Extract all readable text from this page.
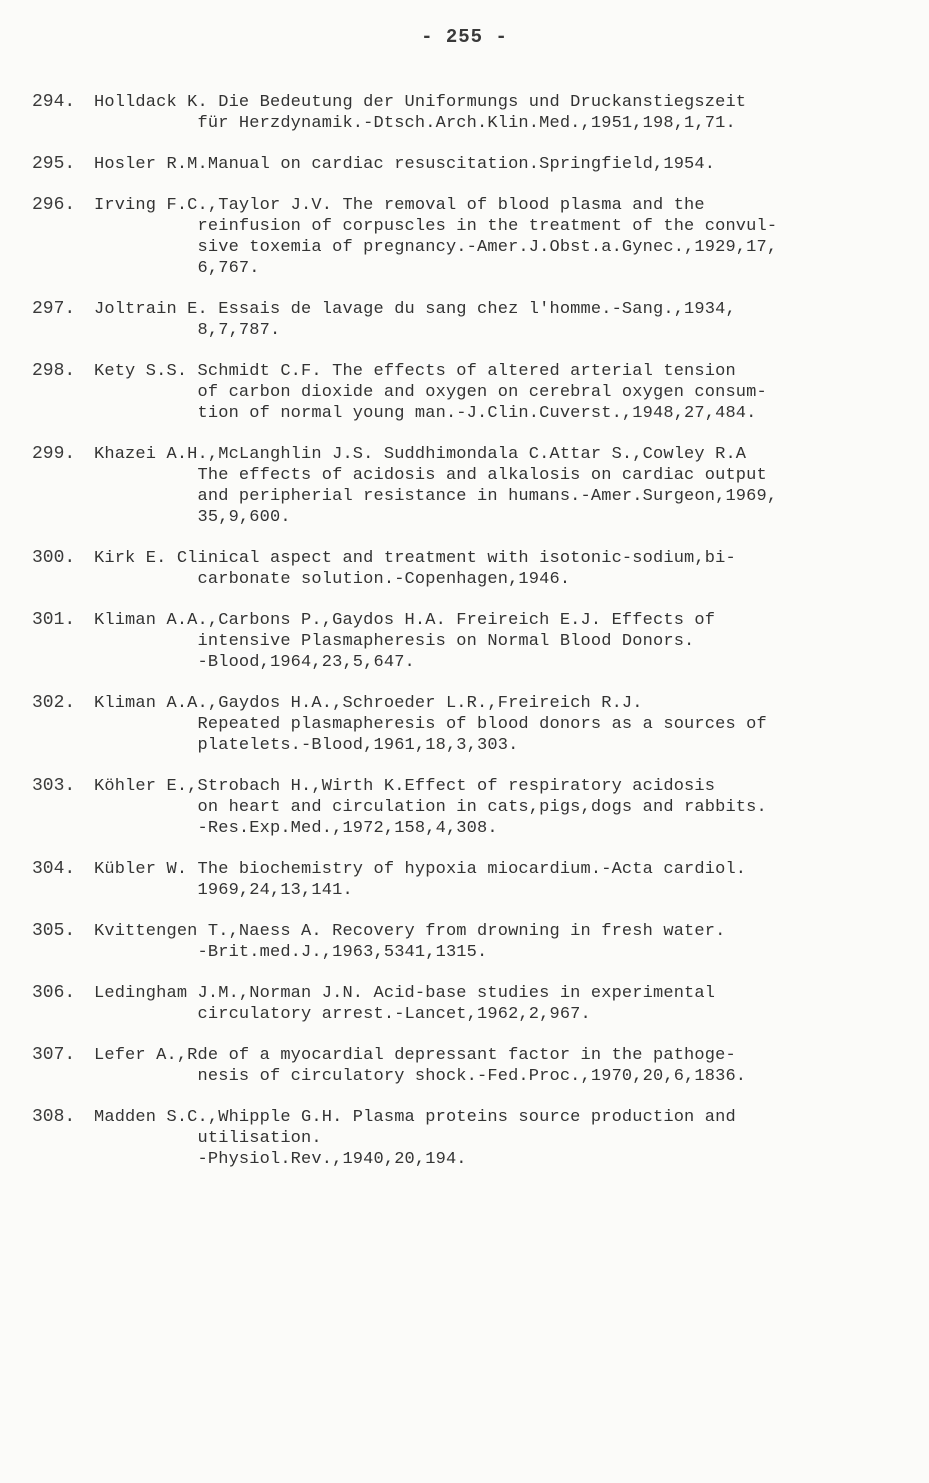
- 255 -
294.	Holldack K. Die Bedeutung der Uniformungs und Druckanstiegszeit
für Herzdynamik.-Dtsch.Arch.Klin.Med.,1951,198,1,71.
295.	Hosler R.M.Manual on cardiac resuscitation.Springfield,1954.
296.	Irving F.C.,Taylor J.V. The removal of blood plasma and the
reinfusion of corpuscles in the treatment of the convul-
sive toxemia of pregnancy.-Amer.J.Obst.a.Gynec.,1929,17,
6,767.
297.	Joltrain E. Essais de lavage du sang chez l'homme.-Sang.,1934,
8,7,787.
298.	Kety S.S. Schmidt C.F. The effects of altered arterial tension
of carbon dioxide and oxygen on cerebral oxygen consum-
tion of normal young man.-J.Clin.Cuverst.,1948,27,484.
299.	Khazei A.H.,McLanghlin J.S. Suddhimondala C.Attar S.,Cowley R.A
The effects of acidosis and alkalosis on cardiac output
and peripherial resistance in humans.-Amer.Surgeon,1969,
35,9,600.
300.	Kirk E. Clinical aspect and treatment with isotonic-sodium,bi-
carbonate solution.-Copenhagen,1946.
301.	Kliman A.A.,Carbons P.,Gaydos H.A. Freireich E.J. Effects of
intensive Plasmapheresis on Normal Blood Donors.
-Blood,1964,23,5,647.
302.	Kliman A.A.,Gaydos H.A.,Schroeder L.R.,Freireich R.J.
Repeated plasmapheresis of blood donors as a sources of
platelets.-Blood,1961,18,3,303.
303.	Köhler E.,Strobach H.,Wirth K.Effect of respiratory acidosis
on heart and circulation in cats,pigs,dogs and rabbits.
-Res.Exp.Med.,1972,158,4,308.
304.	Kübler W. The biochemistry of hypoxia miocardium.-Acta cardiol.
1969,24,13,141.
305.	Kvittengen T.,Naess A. Recovery from drowning in fresh water.
-Brit.med.J.,1963,5341,1315.
306.	Ledingham J.M.,Norman J.N. Acid-base studies in experimental
circulatory arrest.-Lancet,1962,2,967.
307.	Lefer A.,Rde of a myocardial depressant factor in the pathoge-
nesis of circulatory shock.-Fed.Proc.,1970,20,6,1836.
308.	Madden S.C.,Whipple G.H. Plasma proteins source production and
utilisation.
-Physiol.Rev.,1940,20,194.
